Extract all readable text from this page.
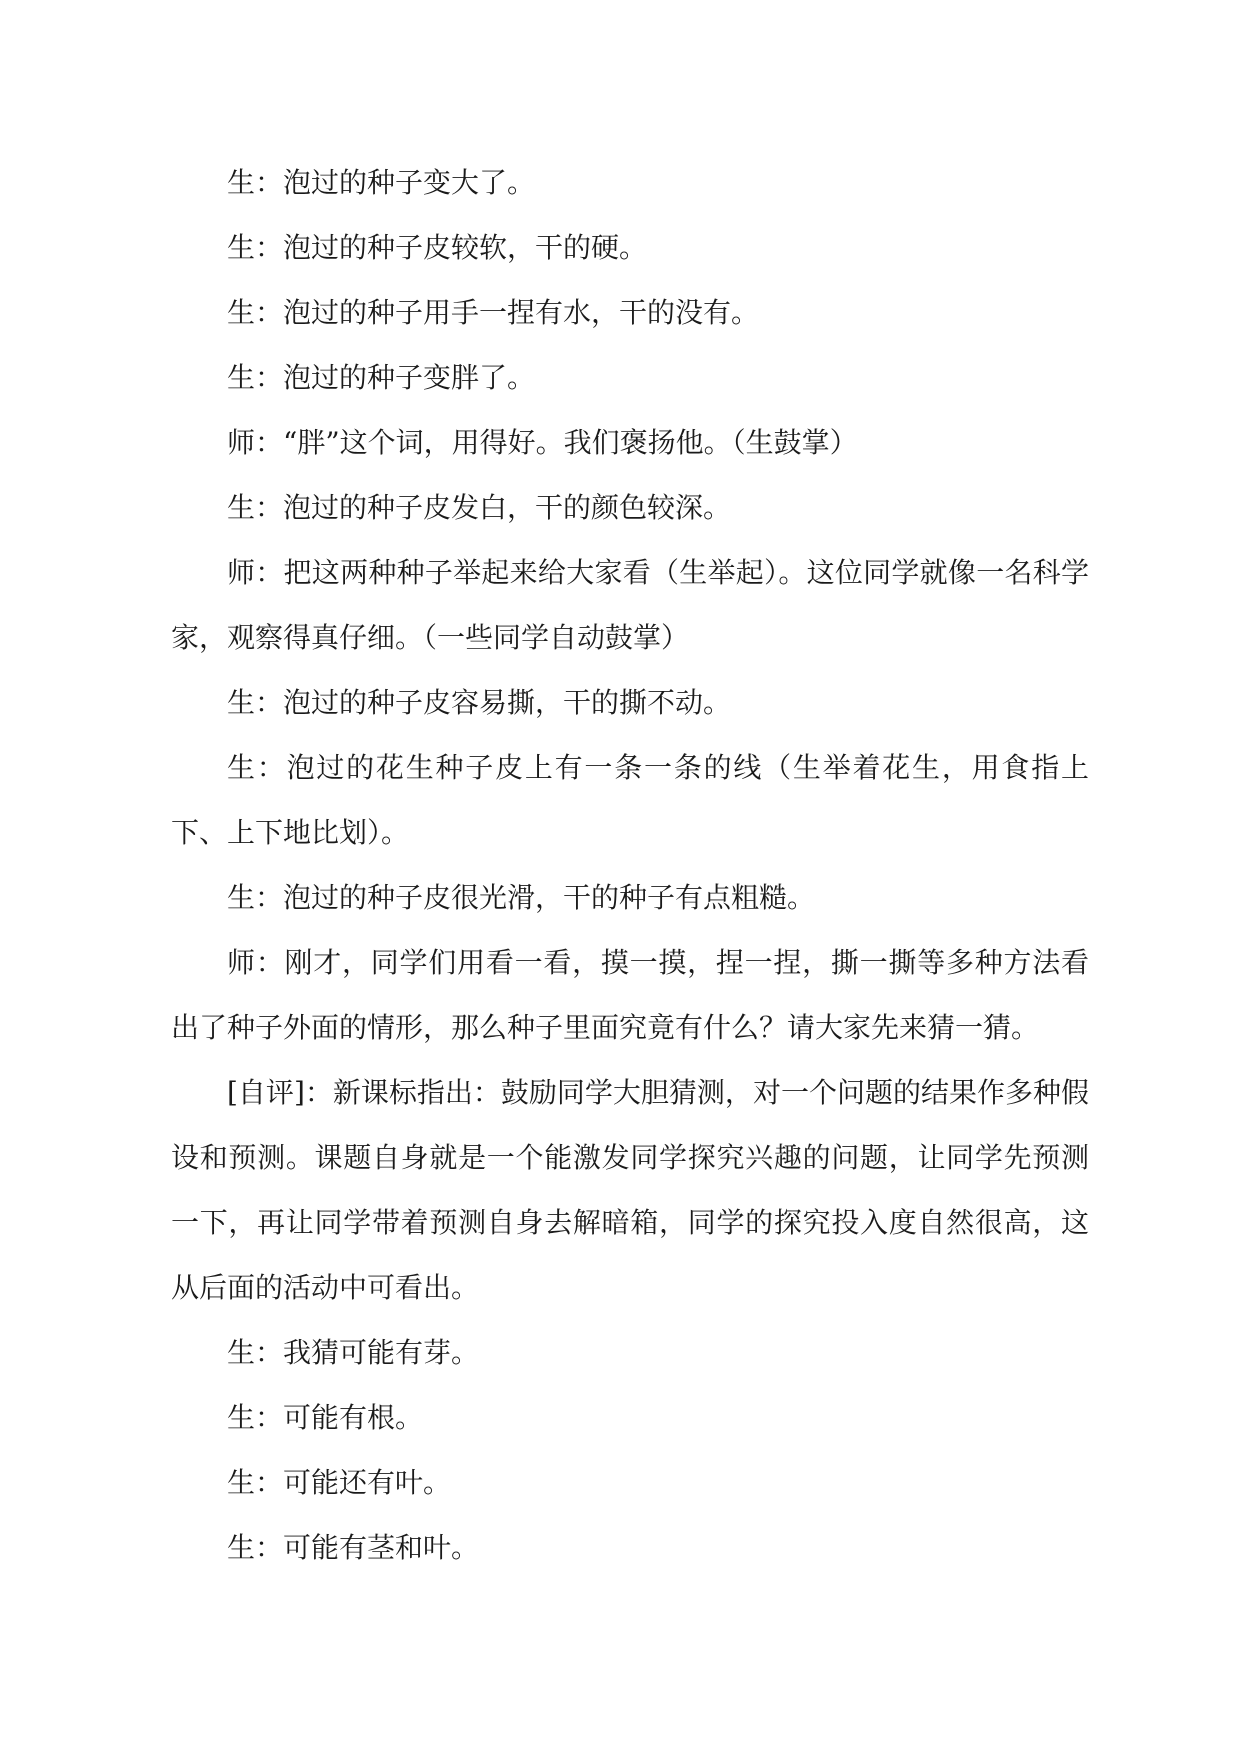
生：泡过的种子变大了。

生：泡过的种子皮较软，干的硬。

生：泡过的种子用手一捏有水，干的没有。

生：泡过的种子变胖了。

师：“胖”这个词，用得好。我们褒扬他。（生鼓掌）

生：泡过的种子皮发白，干的颜色较深。

师：把这两种种子举起来给大家看（生举起）。这位同学就像一名科学家，观察得真仔细。（一些同学自动鼓掌）

生：泡过的种子皮容易撕，干的撕不动。

生：泡过的花生种子皮上有一条一条的线（生举着花生，用食指上下、上下地比划）。

生：泡过的种子皮很光滑，干的种子有点粗糙。

师：刚才，同学们用看一看，摸一摸，捏一捏，撕一撕等多种方法看出了种子外面的情形，那么种子里面究竟有什么？请大家先来猜一猜。

[自评]：新课标指出：鼓励同学大胆猜测，对一个问题的结果作多种假设和预测。课题自身就是一个能激发同学探究兴趣的问题，让同学先预测一下，再让同学带着预测自身去解暗箱，同学的探究投入度自然很高，这从后面的活动中可看出。

生：我猜可能有芽。

生：可能有根。

生：可能还有叶。

生：可能有茎和叶。
